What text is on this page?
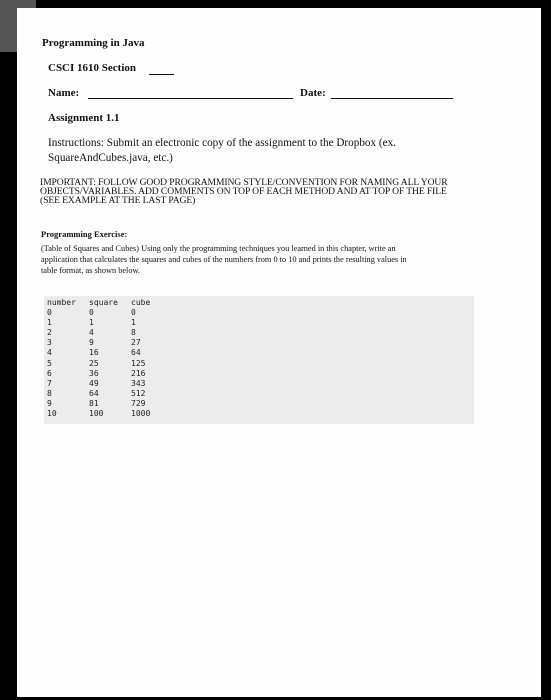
Programming in Java
CSCI 1610 Section
Name:	Date:
Assignment 1.1
Instructions: Submit an electronic copy of the assignment to the Dropbox (ex.
SquareAndCubes.java, etc.)
IMPORTANT: FOLLOW GOOD PROGRAMMING STYLE/CONVENTION FOR NAMING ALL YOUR
OBJECTS/VARIABLES. ADD COMMENTS ON TOP OF EACH METHOD AND AT TOP OF THE FILE
(SEE EXAMPLE AT THE LAST PAGE)
Programming Exercise:
(Table of Squares and Cubes) Using only the programming techniques you learned in this chapter, write an
application that calculates the squares and cubes of the numbers from 0 to 10 and prints the resulting values in
table format, as shown below.
number
0
1
2
3
4
5
6
7
8
9
10
square
0
1
4
9
16
25
36
49
64
81
100
cube
0
1
8
27
64
125
216
343
512
729
1000
